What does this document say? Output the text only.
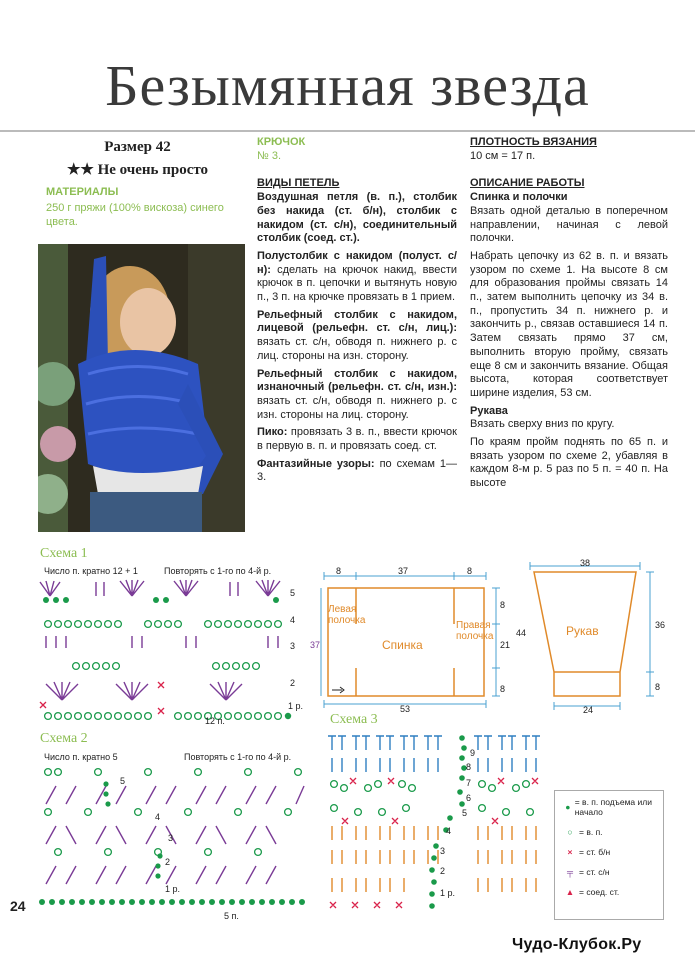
Безымянная звезда
Размер 42
★★ Не очень просто
МАТЕРИАЛЫ
250 г пряжи (100% вискоза) синего цвета.

КРЮЧОК

№ 3.

ВИДЫ ПЕТЕЛЬ

Воздушная петля (в. п.), столбик без накида (ст. б/н), столбик с накидом (ст. с/н), соединительный столбик (соед. ст.).

Полустолбик с накидом (полуст. с/н): сделать на крючок накид, ввести крючок в п. цепочки и вытянуть новую п., 3 п. на крючке провязать в 1 прием.

Рельефный столбик с накидом, лицевой (рельефн. ст. с/н, лиц.): вязать ст. с/н, обводя п. нижнего р. с лиц. стороны на изн. сторону.

Рельефный столбик с накидом, изнаночный (рельефн. ст. с/н, изн.): вязать ст. с/н, обводя п. нижнего р. с изн. стороны на лиц. сторону.

Пико: провязать 3 в. п., ввести крючок в первую в. п. и провязать соед. ст.

Фантазийные узоры: по схемам 1—3.

ПЛОТНОСТЬ ВЯЗАНИЯ

10 см = 17 п.

ОПИСАНИЕ РАБОТЫ

Спинка и полочки

Вязать одной деталью в поперечном направлении, начиная с левой полочки.

Набрать цепочку из 62 в. п. и вязать узором по схеме 1. На высоте 8 см для образования проймы связать 14 п., затем выполнить цепочку из 34 в. п., пропустить 34 п. нижнего р. и закончить р., связав оставшиеся 14 п. Затем связать прямо 37 см, выполнить вторую пройму, связать еще 8 см и закончить вязание. Общая высота, которая соответствует ширине изделия, 53 см.

Рукава

Вязать сверху вниз по кругу.

По краям пройм поднять по 65 п. и вязать узором по схеме 2, убавляя в каждом 8-м р. 5 раз по 5 п. = 40 п. На высоте

Схема 1
Число п. кратно 12 + 1	Повторять с 1-го по 4-й р.
5
4
3
2
1 р.
12 п.
Схема 2
Число п. кратно 5	Повторять с 1-го по 4-й р.
5
4
3
2
1 р.
5 п.
8	37	8
53
37
8
21
8
44
Левая полочка
Спинка
Правая полочка
38
24
36
8
Рукав
Схема 3
9
8
7
6
5
4
3
2
1 р.
● = в. п. подъема или начало
○ = в. п.
× = ст. б/н
╤ = ст. с/н
▲ = соед. ст.
24
Чудо-Клубок.Ру
